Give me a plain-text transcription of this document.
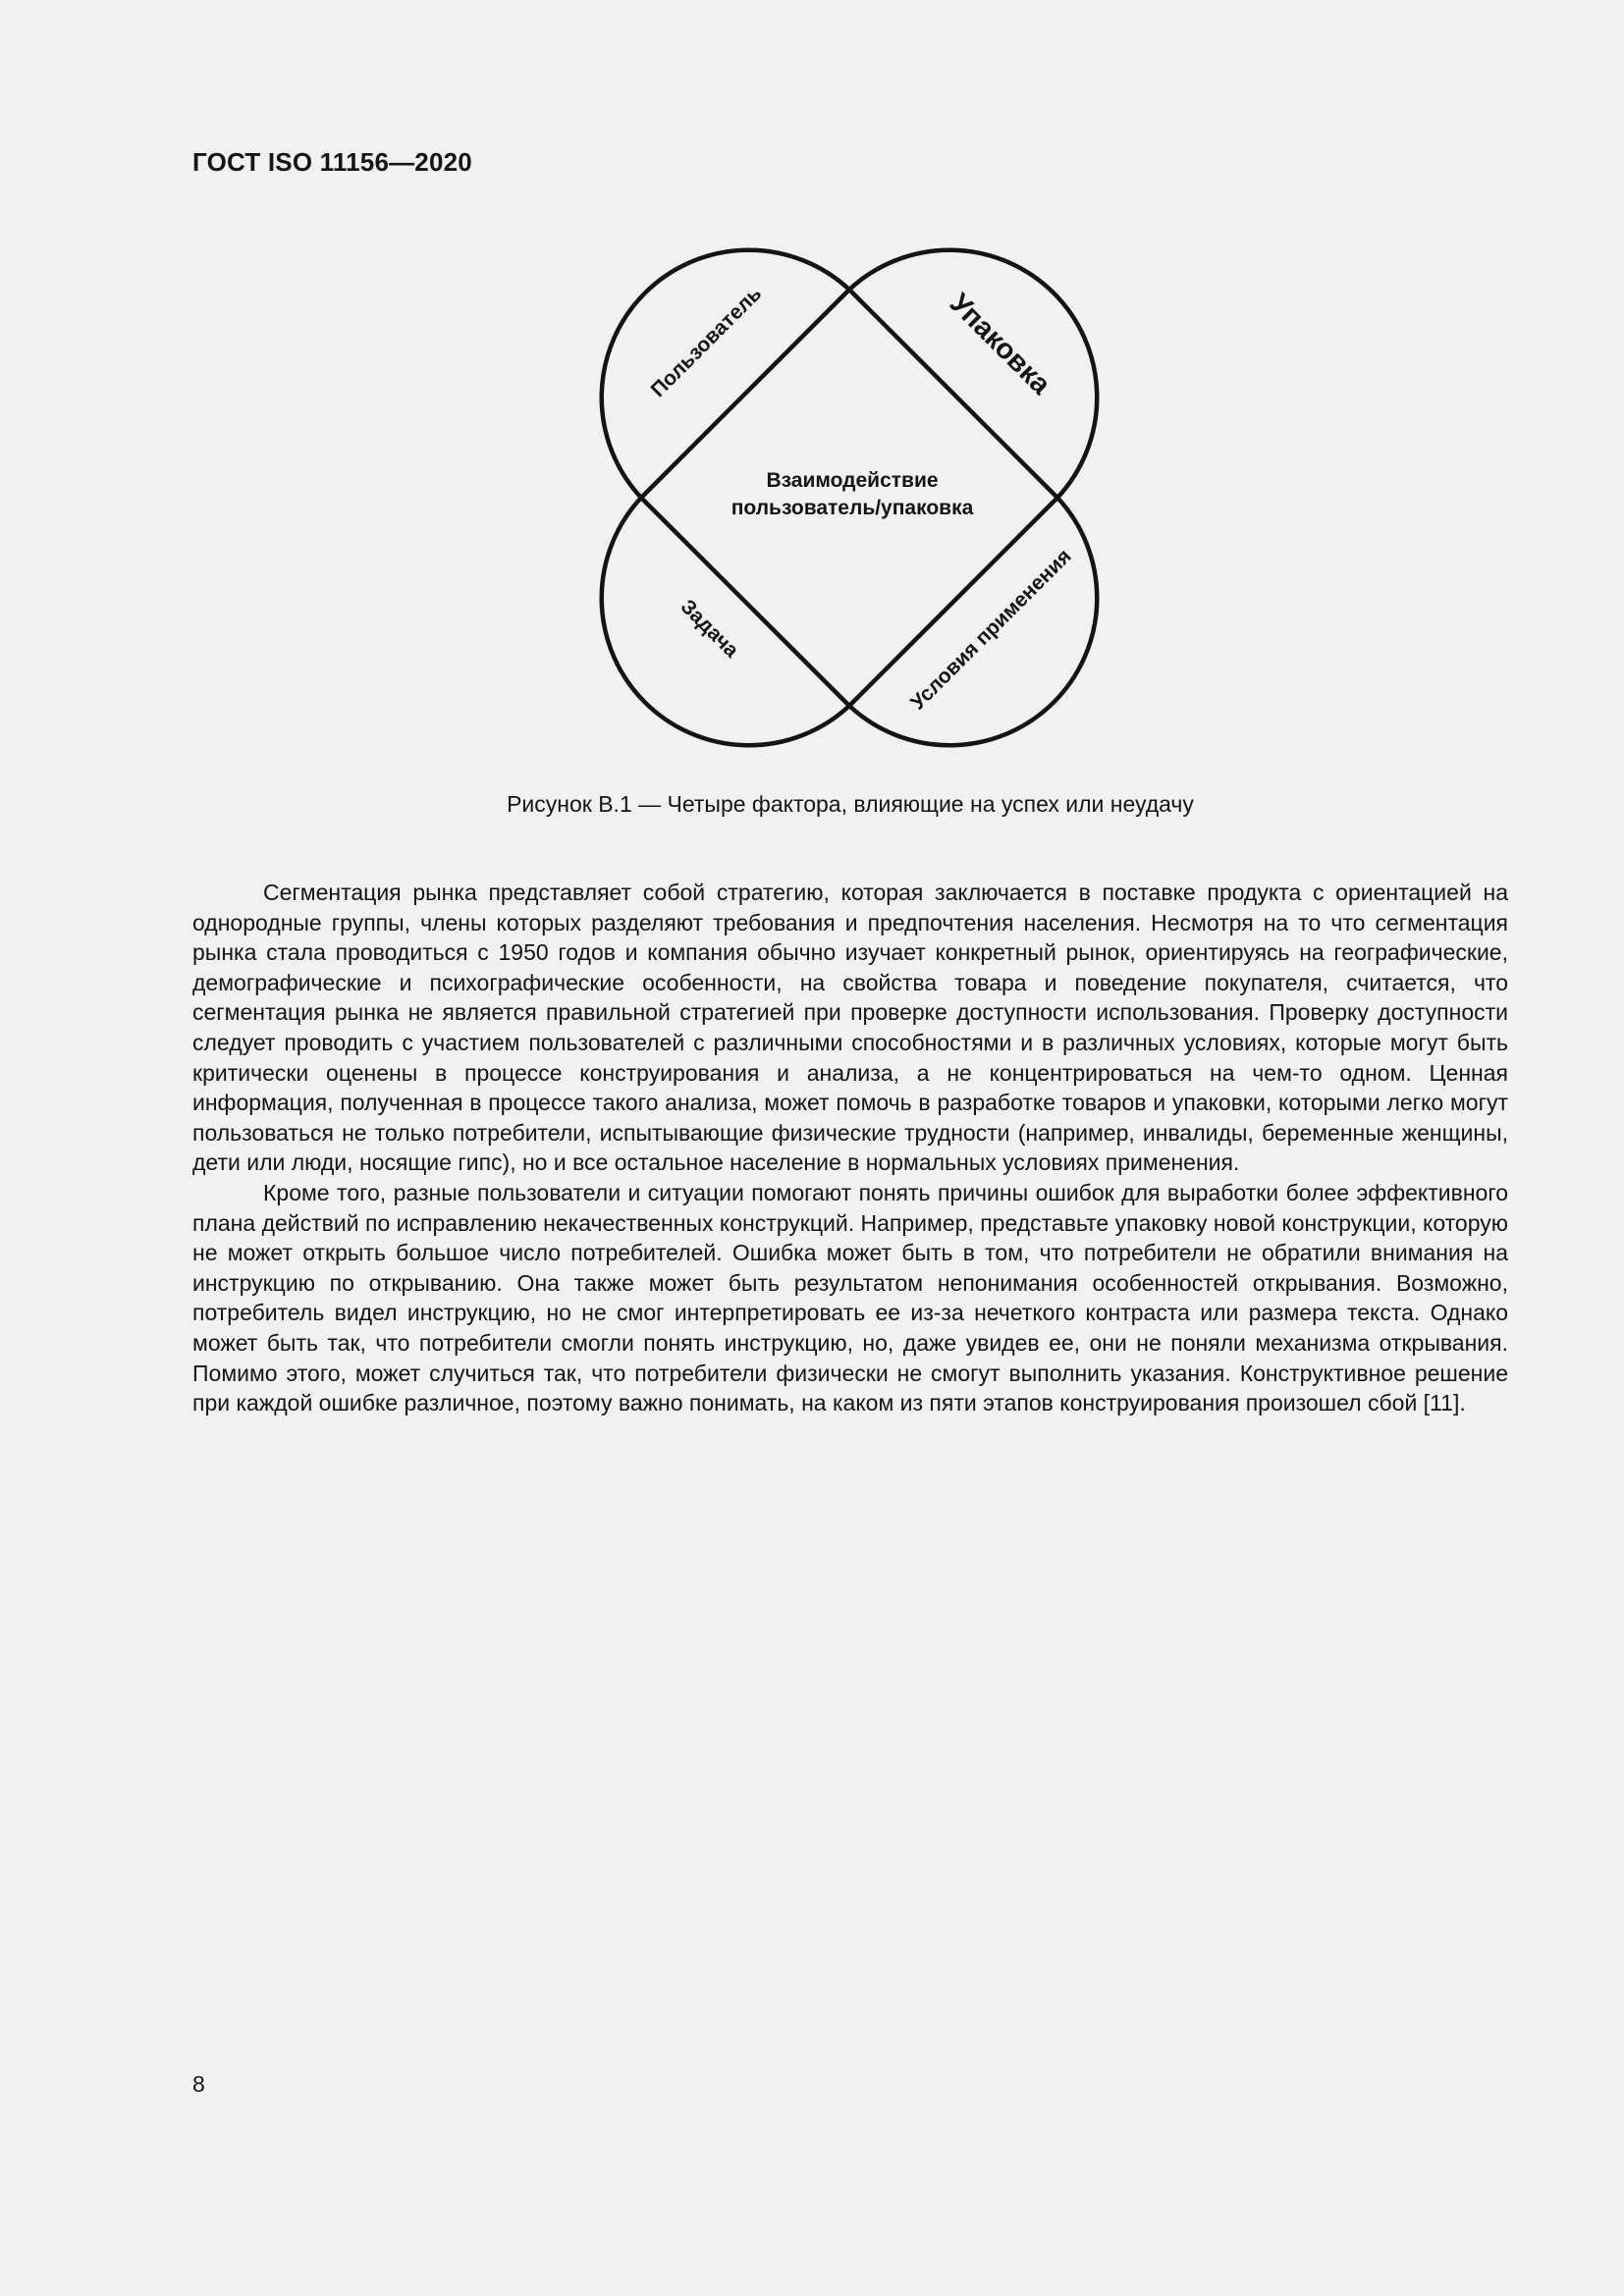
ГОСТ ISO 11156—2020
Пользователь	Упаковка
Задача	Условия применения
Взаимодействие
пользователь/упаковка
Рисунок B.1 — Четыре фактора, влияющие на успех или неудачу

Сегментация рынка представляет собой стратегию, которая заключается в поставке продукта с ориентацией на однородные группы, члены которых разделяют требования и предпочтения населения. Несмотря на то что сегментация рынка стала проводиться с 1950 годов и компания обычно изучает конкретный рынок, ориентируясь на географические, демографические и психографические особенности, на свойства товара и поведение покупателя, считается, что сегментация рынка не является правильной стратегией при проверке доступности использования. Проверку доступности следует проводить с участием пользователей с различными способностями и в различных условиях, которые могут быть критически оценены в процессе конструирования и анализа, а не концентрироваться на чем-то одном. Ценная информация, полученная в процессе такого анализа, может помочь в разработке товаров и упаковки, которыми легко могут пользоваться не только потребители, испытывающие физические трудности (например, инвалиды, беременные женщины, дети или люди, носящие гипс), но и все остальное население в нормальных условиях применения.

Кроме того, разные пользователи и ситуации помогают понять причины ошибок для выработки более эффективного плана действий по исправлению некачественных конструкций. Например, представьте упаковку новой конструкции, которую не может открыть большое число потребителей. Ошибка может быть в том, что потребители не обратили внимания на инструкцию по открыванию. Она также может быть результатом непонимания особенностей открывания. Возможно, потребитель видел инструкцию, но не смог интерпретировать ее из-за нечеткого контраста или размера текста. Однако может быть так, что потребители смогли понять инструкцию, но, даже увидев ее, они не поняли механизма открывания. Помимо этого, может случиться так, что потребители физически не смогут выполнить указания. Конструктивное решение при каждой ошибке различное, поэтому важно понимать, на каком из пяти этапов конструирования произошел сбой [11].

8
